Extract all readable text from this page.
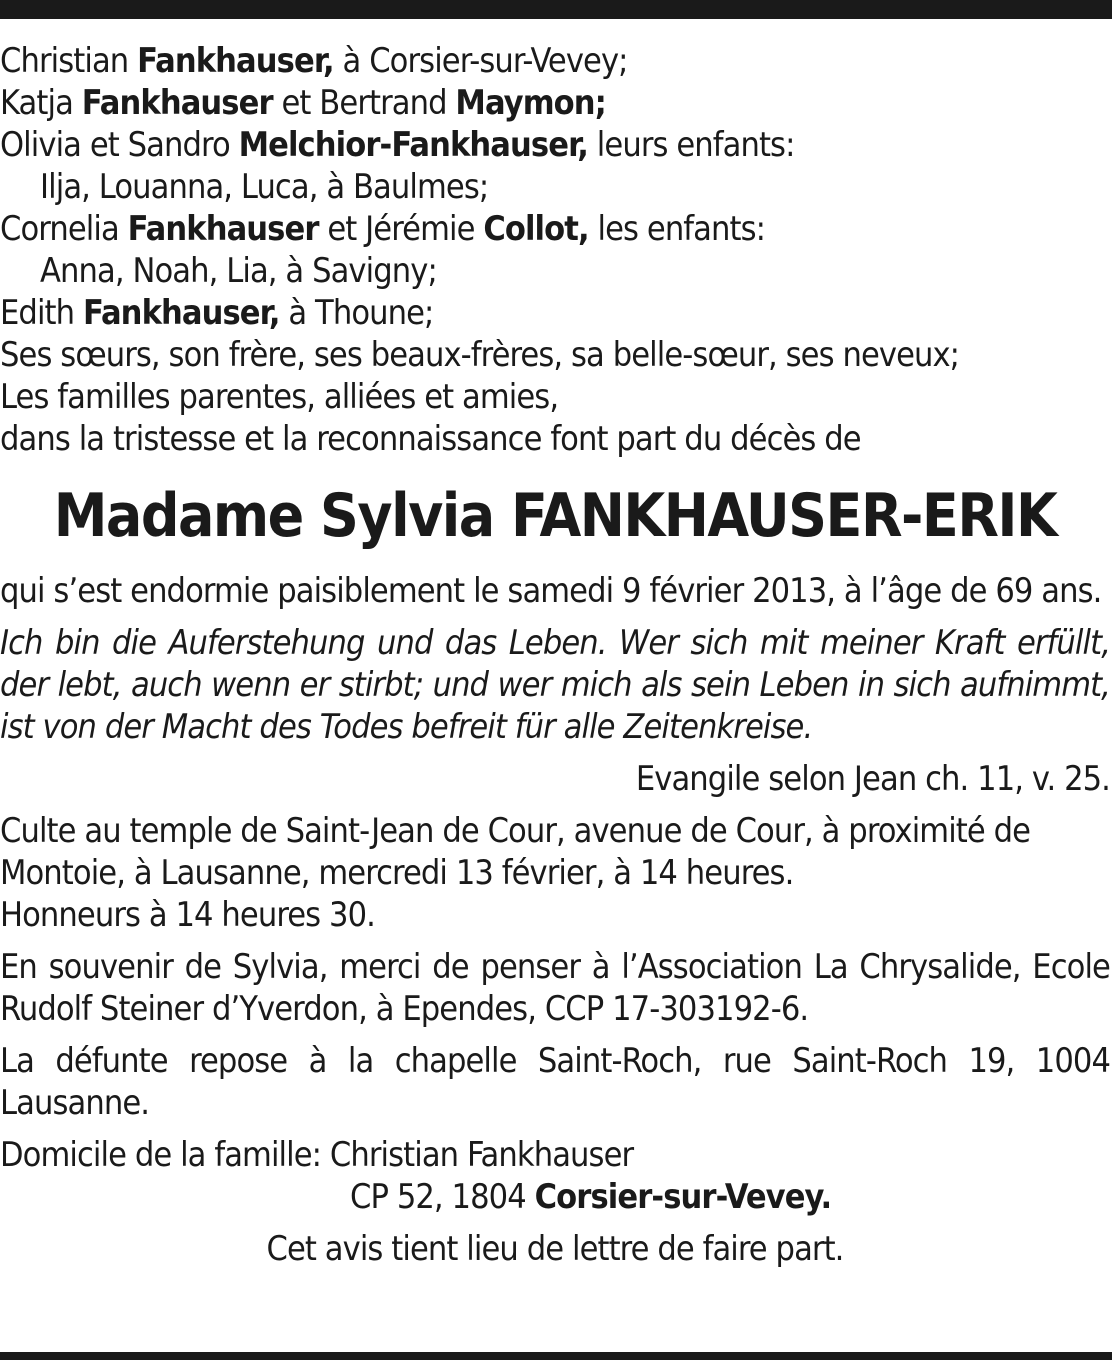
Christian Fankhauser, à Corsier-sur-Vevey;
Katja Fankhauser et Bertrand Maymon;
Olivia et Sandro Melchior-Fankhauser, leurs enfants:
Ilja, Louanna, Luca, à Baulmes;
Cornelia Fankhauser et Jérémie Collot, les enfants:
Anna, Noah, Lia, à Savigny;
Edith Fankhauser, à Thoune;
Ses sœurs, son frère, ses beaux-frères, sa belle-sœur, ses neveux;
Les familles parentes, alliées et amies,
dans la tristesse et la reconnaissance font part du décès de
Madame Sylvia FANKHAUSER-ERIK

qui s’est endormie paisiblement le samedi 9 février 2013, à l’âge de 69 ans.

Ich bin die Auferstehung und das Leben. Wer sich mit meiner Kraft erfüllt, der lebt, auch wenn er stirbt; und wer mich als sein Leben in sich aufnimmt, ist von der Macht des Todes befreit für alle Zeitenkreise.

Evangile selon Jean ch. 11, v. 25.
Culte au temple de Saint-Jean de Cour, avenue de Cour, à proximité de Montoie, à Lausanne, mercredi 13 février, à 14 heures.
Honneurs à 14 heures 30.

En souvenir de Sylvia, merci de penser à l’Association La Chrysalide, Ecole Rudolf Steiner d’Yverdon, à Ependes, CCP 17-303192-6.

La défunte repose à la chapelle Saint-Roch, rue Saint-Roch 19, 1004 Lausanne.

Domicile de la famille: Christian Fankhauser
CP 52, 1804 Corsier-sur-Vevey.
Cet avis tient lieu de lettre de faire part.
